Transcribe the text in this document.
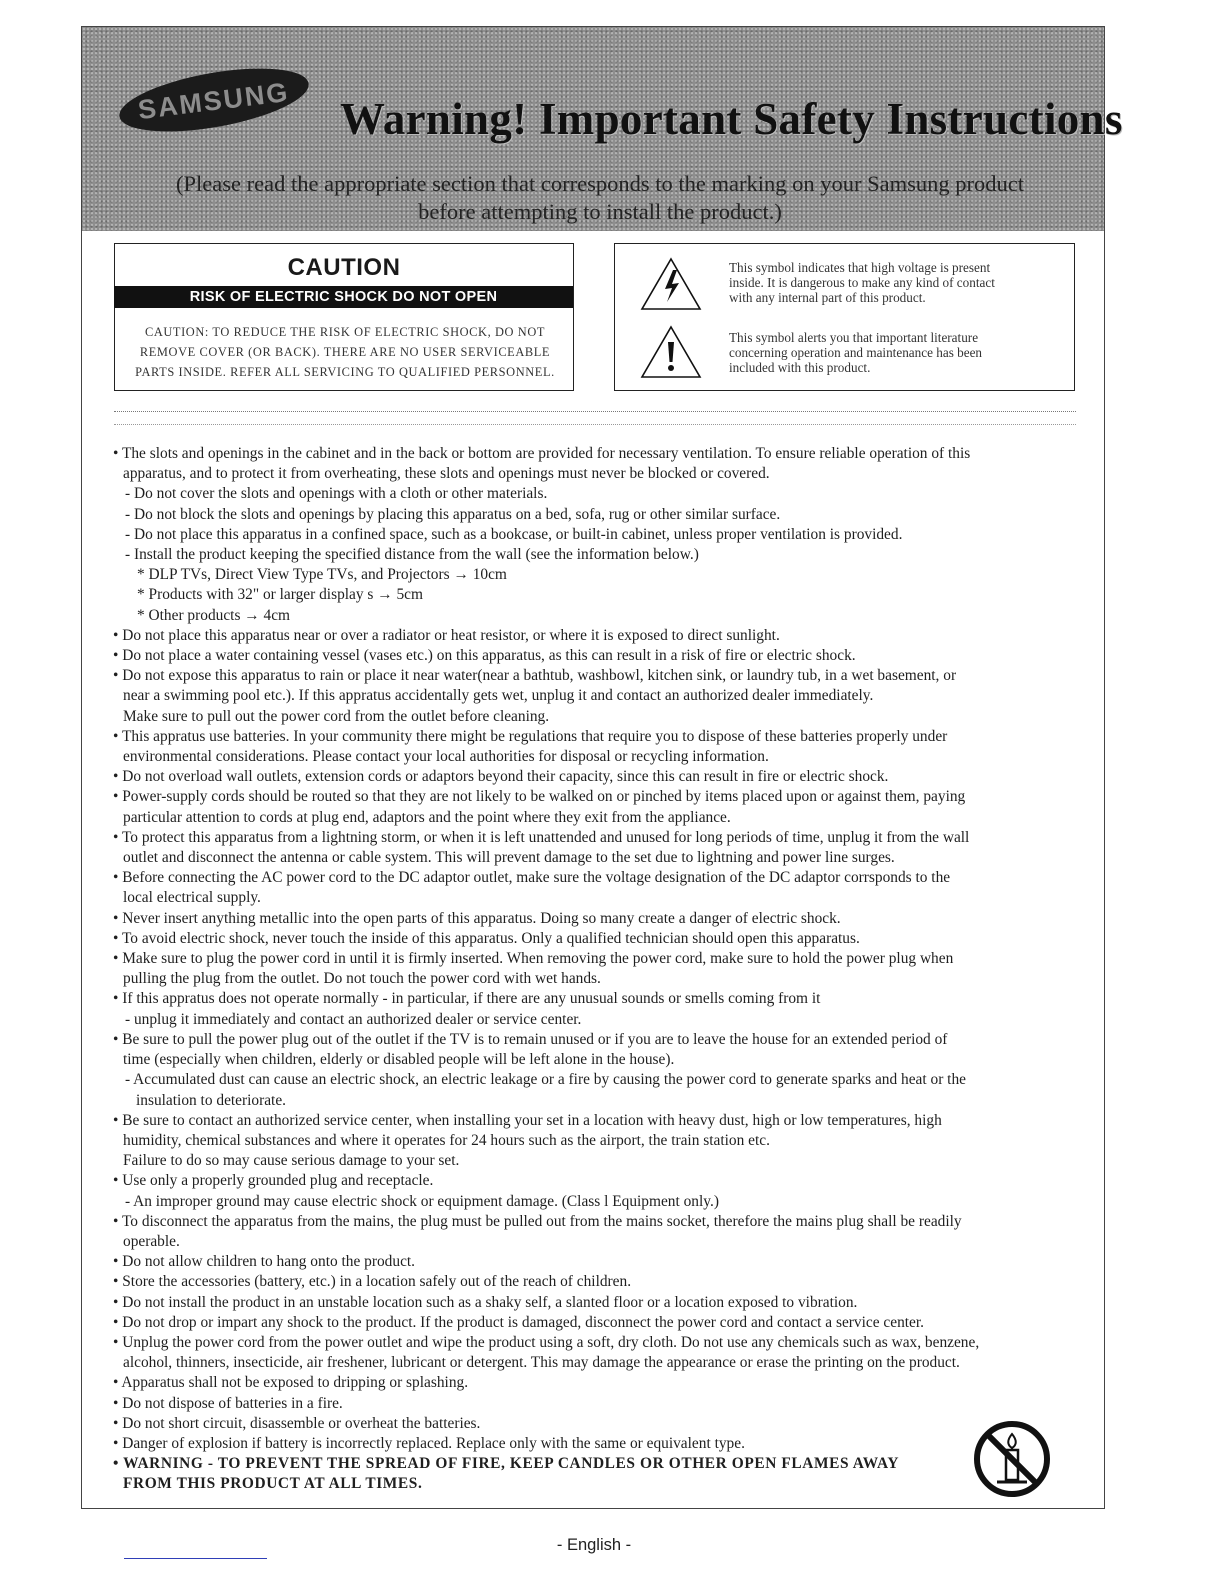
SAMSUNG Warning! Important Safety Instructions
(Please read the appropriate section that corresponds to the marking on your Samsung product
before attempting to install the product.)
CAUTION
RISK OF ELECTRIC SHOCK DO NOT OPEN
CAUTION: TO REDUCE THE RISK OF ELECTRIC SHOCK, DO NOT
REMOVE COVER (OR BACK). THERE ARE NO USER SERVICEABLE
PARTS INSIDE. REFER ALL SERVICING TO QUALIFIED PERSONNEL.
This symbol indicates that high voltage is present
inside. It is dangerous to make any kind of contact
with any internal part of this product.
This symbol alerts you that important literature
concerning operation and maintenance has been
included with this product.
• The slots and openings in the cabinet and in the back or bottom are provided for necessary ventilation. To ensure reliable operation of this
apparatus, and to protect it from overheating, these slots and openings must never be blocked or covered.
- Do not cover the slots and openings with a cloth or other materials.
- Do not block the slots and openings by placing this apparatus on a bed, sofa, rug or other similar surface.
- Do not place this apparatus in a confined space, such as a bookcase, or built-in cabinet, unless proper ventilation is provided.
- Install the product keeping the specified distance from the wall (see the information below.)
* DLP TVs, Direct View Type TVs, and Projectors → 10cm
* Products with 32" or larger display s → 5cm
* Other products → 4cm
• Do not place this apparatus near or over a radiator or heat resistor, or where it is exposed to direct sunlight.
• Do not place a water containing vessel (vases etc.) on this apparatus, as this can result in a risk of fire or electric shock.
• Do not expose this apparatus to rain or place it near water(near a bathtub, washbowl, kitchen sink, or laundry tub, in a wet basement, or
near a swimming pool etc.). If this appratus accidentally gets wet, unplug it and contact an authorized dealer immediately.
Make sure to pull out the power cord from the outlet before cleaning.
• This appratus use batteries. In your community there might be regulations that require you to dispose of these batteries properly under
environmental considerations. Please contact your local authorities for disposal or recycling information.
• Do not overload wall outlets, extension cords or adaptors beyond their capacity, since this can result in fire or electric shock.
• Power-supply cords should be routed so that they are not likely to be walked on or pinched by items placed upon or against them, paying
particular attention to cords at plug end, adaptors and the point where they exit from the appliance.
• To protect this apparatus from a lightning storm, or when it is left unattended and unused for long periods of time, unplug it from the wall
outlet and disconnect the antenna or cable system. This will prevent damage to the set due to lightning and power line surges.
• Before connecting the AC power cord to the DC adaptor outlet, make sure the voltage designation of the DC adaptor corrsponds to the
local electrical supply.
• Never insert anything metallic into the open parts of this apparatus. Doing so many create a danger of electric shock.
• To avoid electric shock, never touch the inside of this apparatus. Only a qualified technician should open this apparatus.
• Make sure to plug the power cord in until it is firmly inserted. When removing the power cord, make sure to hold the power plug when
pulling the plug from the outlet. Do not touch the power cord with wet hands.
• If this appratus does not operate normally - in particular, if there are any unusual sounds or smells coming from it
- unplug it immediately and contact an authorized dealer or service center.
• Be sure to pull the power plug out of the outlet if the TV is to remain unused or if you are to leave the house for an extended period of
time (especially when children, elderly or disabled people will be left alone in the house).
- Accumulated dust can cause an electric shock, an electric leakage or a fire by causing the power cord to generate sparks and heat or the
insulation to deteriorate.
• Be sure to contact an authorized service center, when installing your set in a location with heavy dust, high or low temperatures, high
humidity, chemical substances and where it operates for 24 hours such as the airport, the train station etc.
Failure to do so may cause serious damage to your set.
• Use only a properly grounded plug and receptacle.
- An improper ground may cause electric shock or equipment damage. (Class l Equipment only.)
• To disconnect the apparatus from the mains, the plug must be pulled out from the mains socket, therefore the mains plug shall be readily
operable.
• Do not allow children to hang onto the product.
• Store the accessories (battery, etc.) in a location safely out of the reach of children.
• Do not install the product in an unstable location such as a shaky self, a slanted floor or a location exposed to vibration.
• Do not drop or impart any shock to the product. If the product is damaged, disconnect the power cord and contact a service center.
• Unplug the power cord from the power outlet and wipe the product using a soft, dry cloth. Do not use any chemicals such as wax, benzene,
alcohol, thinners, insecticide, air freshener, lubricant or detergent. This may damage the appearance or erase the printing on the product.
• Apparatus shall not be exposed to dripping or splashing.
• Do not dispose of batteries in a fire.
• Do not short circuit, disassemble or overheat the batteries.
• Danger of explosion if battery is incorrectly replaced. Replace only with the same or equivalent type.
• WARNING - TO PREVENT THE SPREAD OF FIRE, KEEP CANDLES OR OTHER OPEN FLAMES AWAY
FROM THIS PRODUCT AT ALL TIMES.
- English -
